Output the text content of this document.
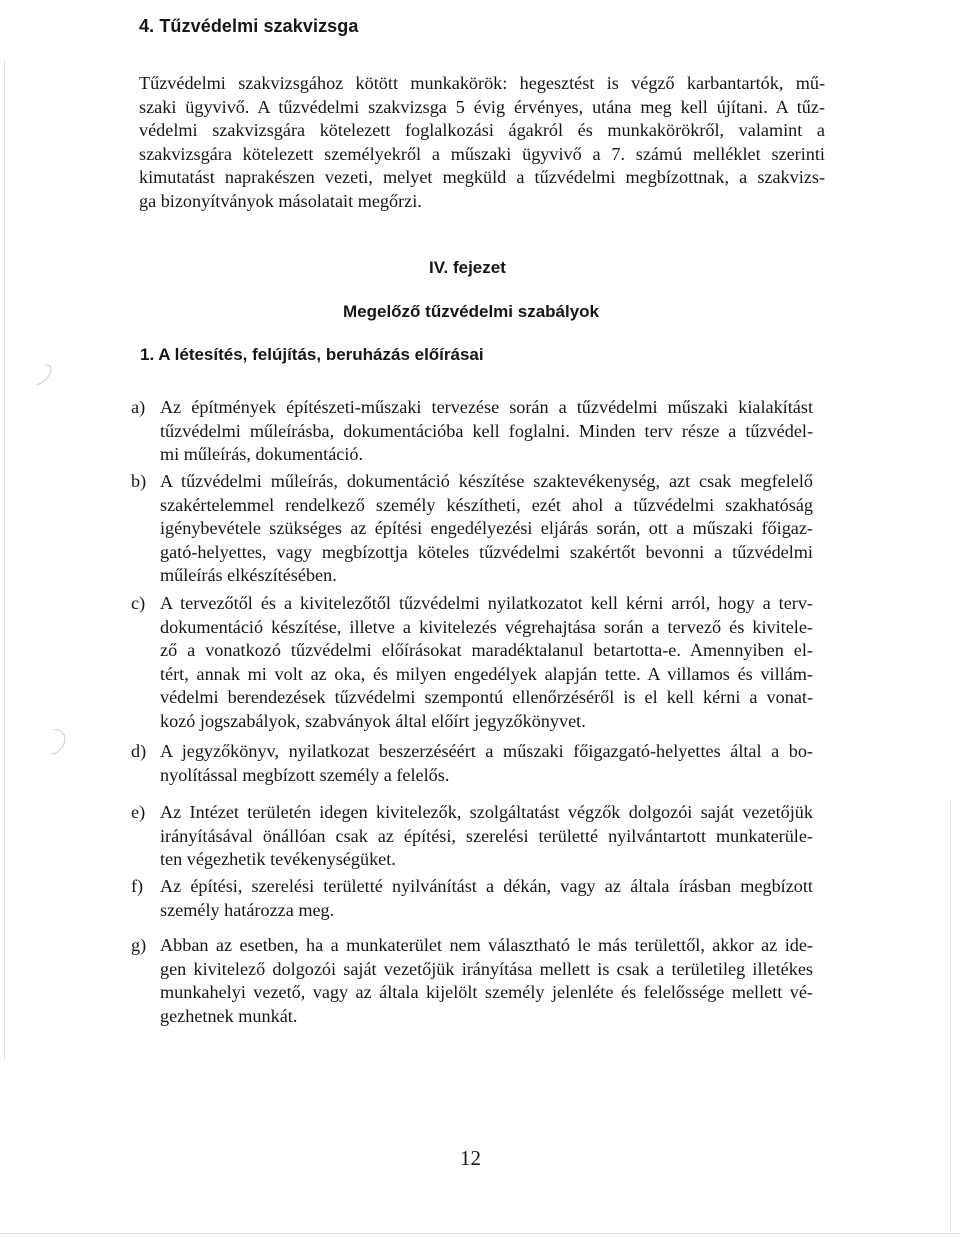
4. Tűzvédelmi szakvizsga
Tűzvédelmi szakvizsgához kötött munkakörök: hegesztést is végző karbantartók, mű-
szaki ügyvivő. A tűzvédelmi szakvizsga 5 évig érvényes, utána meg kell újítani. A tűz-
védelmi szakvizsgára kötelezett foglalkozási ágakról és munkakörökről, valamint a
szakvizsgára kötelezett személyekről a műszaki ügyvivő a 7. számú melléklet szerinti
kimutatást naprakészen vezeti, melyet megküld a tűzvédelmi megbízottnak, a szakvizs-
ga bizonyítványok másolatait megőrzi.
IV. fejezet
Megelőző tűzvédelmi szabályok
1. A létesítés, felújítás, beruházás előírásai
a) Az építmények építészeti-műszaki tervezése során a tűzvédelmi műszaki kialakítást
tűzvédelmi műleírásba, dokumentációba kell foglalni. Minden terv része a tűzvédel-
mi műleírás, dokumentáció.
b) A tűzvédelmi műleírás, dokumentáció készítése szaktevékenység, azt csak megfelelő
szakértelemmel rendelkező személy készítheti, ezét ahol a tűzvédelmi szakhatóság
igénybevétele szükséges az építési engedélyezési eljárás során, ott a műszaki főigaz-
gató-helyettes, vagy megbízottja köteles tűzvédelmi szakértőt bevonni a tűzvédelmi
műleírás elkészítésében.
c) A tervezőtől és a kivitelezőtől tűzvédelmi nyilatkozatot kell kérni arról, hogy a terv-
dokumentáció készítése, illetve a kivitelezés végrehajtása során a tervező és kivitele-
ző a vonatkozó tűzvédelmi előírásokat maradéktalanul betartotta-e. Amennyiben el-
tért, annak mi volt az oka, és milyen engedélyek alapján tette. A villamos és villám-
védelmi berendezések tűzvédelmi szempontú ellenőrzéséről is el kell kérni a vonat-
kozó jogszabályok, szabványok által előírt jegyzőkönyvet.
d) A jegyzőkönyv, nyilatkozat beszerzéséért a műszaki főigazgató-helyettes által a bo-
nyolítással megbízott személy a felelős.
e) Az Intézet területén idegen kivitelezők, szolgáltatást végzők dolgozói saját vezetőjük
irányításával önállóan csak az építési, szerelési területté nyilvántartott munkaterüle-
ten végezhetik tevékenységüket.
f) Az építési, szerelési területté nyilvánítást a dékán, vagy az általa írásban megbízott
személy határozza meg.
g) Abban az esetben, ha a munkaterület nem választható le más területtől, akkor az ide-
gen kivitelező dolgozói saját vezetőjük irányítása mellett is csak a területileg illetékes
munkahelyi vezető, vagy az általa kijelölt személy jelenléte és felelőssége mellett vé-
gezhetnek munkát.
12
